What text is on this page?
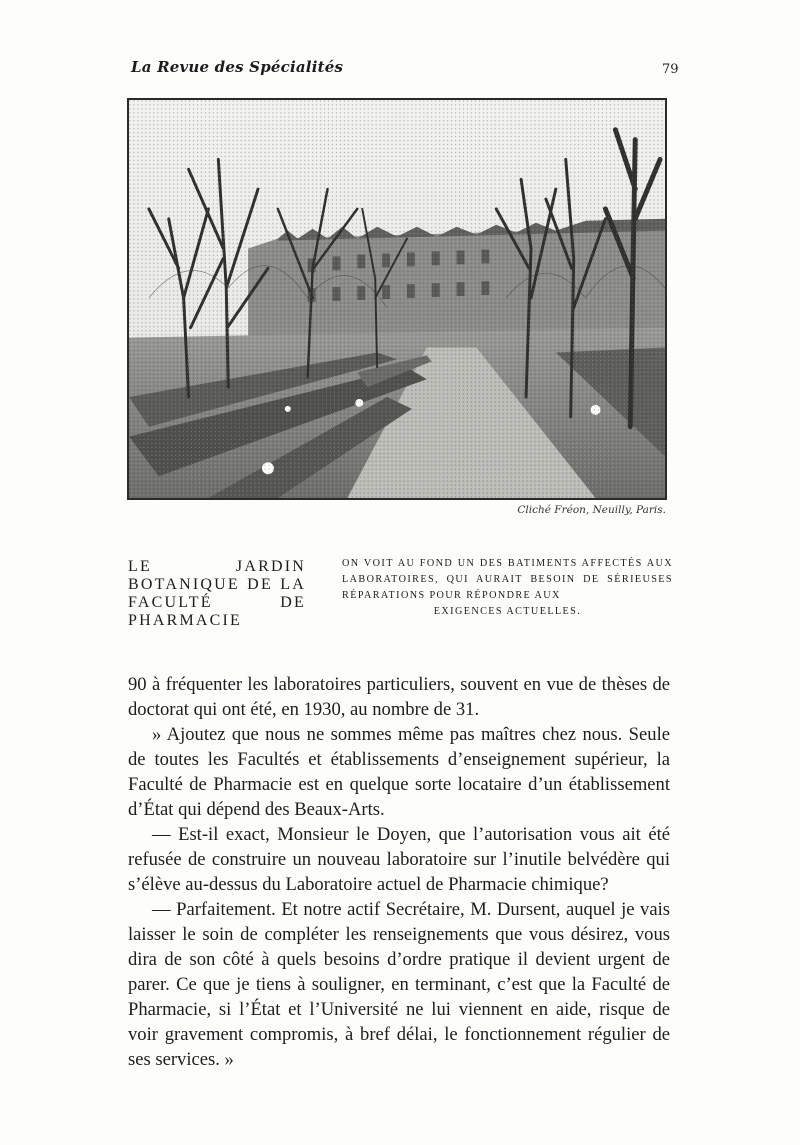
La Revue des Spécialités	79
Cliché Fréon, Neuilly, Paris.
LE JARDIN BOTANIQUE DE LA FACULTÉ DE PHARMACIE
ON VOIT AU FOND UN DES BATIMENTS AFFECTÉS AUX LABORATOIRES, QUI AURAIT BESOIN DE SÉRIEUSES RÉPARATIONS POUR RÉPONDRE AUX
EXIGENCES ACTUELLES.

90 à fréquenter les laboratoires particuliers, souvent en vue de thèses de doctorat qui ont été, en 1930, au nombre de 31.

» Ajoutez que nous ne sommes même pas maîtres chez nous. Seule de toutes les Facultés et établissements d’enseignement supérieur, la Faculté de Pharmacie est en quelque sorte locataire d’un établissement d’État qui dépend des Beaux-Arts.

— Est-il exact, Monsieur le Doyen, que l’autorisation vous ait été refusée de construire un nouveau laboratoire sur l’inutile belvédère qui s’élève au-dessus du Laboratoire actuel de Pharmacie chimique?

— Parfaitement. Et notre actif Secrétaire, M. Dursent, auquel je vais laisser le soin de compléter les renseignements que vous désirez, vous dira de son côté à quels besoins d’ordre pratique il devient urgent de parer. Ce que je tiens à souligner, en terminant, c’est que la Faculté de Pharmacie, si l’État et l’Université ne lui viennent en aide, risque de voir gravement compromis, à bref délai, le fonctionnement régulier de ses services. »
